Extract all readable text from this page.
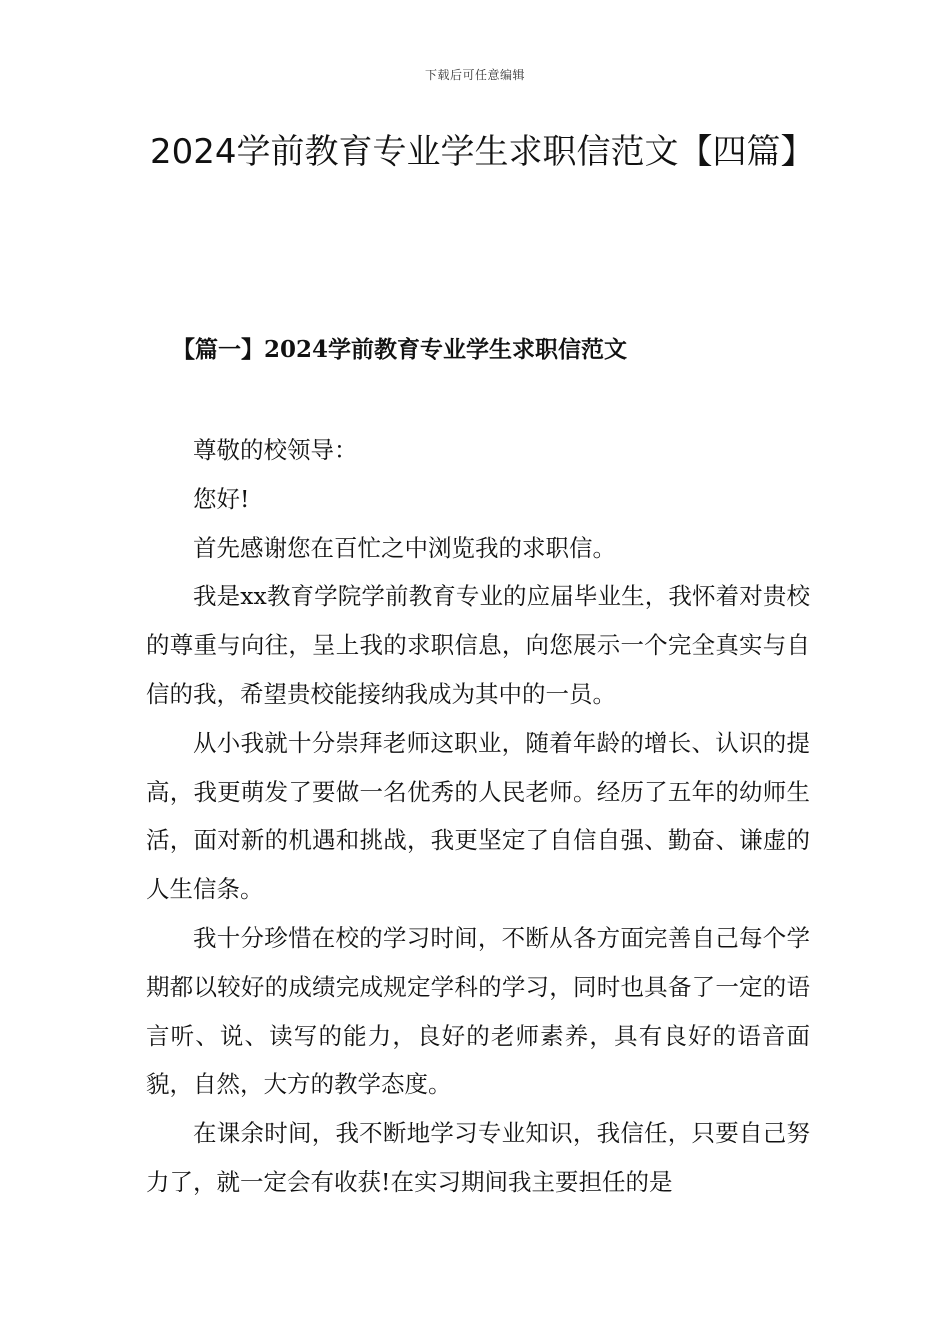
下载后可任意编辑
2024学前教育专业学生求职信范文【四篇】
【篇一】2024学前教育专业学生求职信范文

尊敬的校领导：

您好!

首先感谢您在百忙之中浏览我的求职信。

我是xx教育学院学前教育专业的应届毕业生，我怀着对贵校的尊重与向往，呈上我的求职信息，向您展示一个完全真实与自信的我，希望贵校能接纳我成为其中的一员。

从小我就十分崇拜老师这职业，随着年龄的增长、认识的提高，我更萌发了要做一名优秀的人民老师。经历了五年的幼师生活，面对新的机遇和挑战，我更坚定了自信自强、勤奋、谦虚的人生信条。

我十分珍惜在校的学习时间，不断从各方面完善自己每个学期都以较好的成绩完成规定学科的学习，同时也具备了一定的语言听、说、读写的能力，良好的老师素养，具有良好的语音面貌，自然，大方的教学态度。

在课余时间，我不断地学习专业知识，我信任，只要自己努力了，就一定会有收获!在实习期间我主要担任的是
